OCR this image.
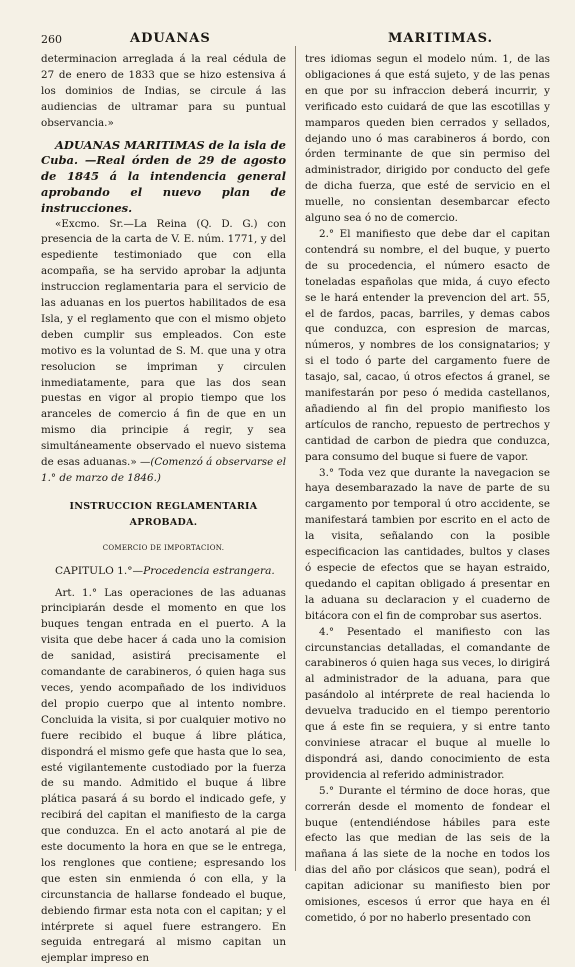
260	ADUANAS	MARITIMAS.

determinacion arreglada á la real cédula de 27 de enero de 1833 que se hizo estensiva á los dominios de Indias, se circule á las audiencias de ultramar para su puntual observancia.»

ADUANAS MARITIMAS de la isla de Cuba. —Real órden de 29 de agosto de 1845 á la intendencia general aprobando el nuevo plan de instrucciones.

«Excmo. Sr.—La Reina (Q. D. G.) con presencia de la carta de V. E. núm. 1771, y del espediente testimoniado que con ella acompaña, se ha servido aprobar la adjunta instruccion reglamentaria para el servicio de las aduanas en los puertos habilitados de esa Isla, y el reglamento que con el mismo objeto deben cumplir sus empleados. Con este motivo es la voluntad de S. M. que una y otra resolucion se impriman y circulen inmediatamente, para que las dos sean puestas en vigor al propio tiempo que los aranceles de comercio á fin de que en un mismo dia principie á regir, y sea simultáneamente observado el nuevo sistema de esas aduanas.» —(Comenzó á observarse el 1.° de marzo de 1846.)

INSTRUCCION REGLAMENTARIA APROBADA.

COMERCIO DE IMPORTACION.

CAPITULO 1.°—Procedencia estrangera.

Art. 1.° Las operaciones de las aduanas principiarán desde el momento en que los buques tengan entrada en el puerto. A la visita que debe hacer á cada uno la comision de sanidad, asistirá precisamente el comandante de carabineros, ó quien haga sus veces, yendo acompañado de los individuos del propio cuerpo que al intento nombre. Concluida la visita, si por cualquier motivo no fuere recibido el buque á libre plática, dispondrá el mismo gefe que hasta que lo sea, esté vigilantemente custodiado por la fuerza de su mando. Admitido el buque á libre plática pasará á su bordo el indicado gefe, y recibirá del capitan el manifiesto de la carga que conduzca. En el acto anotará al pie de este documento la hora en que se le entrega, los renglones que contiene; espresando los que esten sin enmienda ó con ella, y la circunstancia de hallarse fondeado el buque, debiendo firmar esta nota con el capitan; y el intérprete si aquel fuere estrangero. En seguida entregará al mismo capitan un ejemplar impreso en

tres idiomas segun el modelo núm. 1, de las obligaciones á que está sujeto, y de las penas en que por su infraccion deberá incurrir, y verificado esto cuidará de que las escotillas y mamparos queden bien cerrados y sellados, dejando uno ó mas carabineros á bordo, con órden terminante de que sin permiso del administrador, dirigido por conducto del gefe de dicha fuerza, que esté de servicio en el muelle, no consientan desembarcar efecto alguno sea ó no de comercio.

2.° El manifiesto que debe dar el capitan contendrá su nombre, el del buque, y puerto de su procedencia, el número esacto de toneladas españolas que mida, á cuyo efecto se le hará entender la prevencion del art. 55, el de fardos, pacas, barriles, y demas cabos que conduzca, con espresion de marcas, números, y nombres de los consignatarios; y si el todo ó parte del cargamento fuere de tasajo, sal, cacao, ú otros efectos á granel, se manifestarán por peso ó medida castellanos, añadiendo al fin del propio manifiesto los artículos de rancho, repuesto de pertrechos y cantidad de carbon de piedra que conduzca, para consumo del buque si fuere de vapor.

3.° Toda vez que durante la navegacion se haya desembarazado la nave de parte de su cargamento por temporal ú otro accidente, se manifestará tambien por escrito en el acto de la visita, señalando con la posible especificacion las cantidades, bultos y clases ó especie de efectos que se hayan estraido, quedando el capitan obligado á presentar en la aduana su declaracion y el cuaderno de bitácora con el fin de comprobar sus asertos.

4.° Pesentado el manifiesto con las circunstancias detalladas, el comandante de carabineros ó quien haga sus veces, lo dirigirá al administrador de la aduana, para que pasándolo al intérprete de real hacienda lo devuelva traducido en el tiempo perentorio que á este fin se requiera, y si entre tanto conviniese atracar el buque al muelle lo dispondrá asi, dando conocimiento de esta providencia al referido administrador.

5.° Durante el término de doce horas, que correrán desde el momento de fondear el buque (entendiéndose hábiles para este efecto las que median de las seis de la mañana á las siete de la noche en todos los dias del año por clásicos que sean), podrá el capitan adicionar su manifiesto bien por omisiones, escesos ú error que haya en él cometido, ó por no haberlo presentado con
